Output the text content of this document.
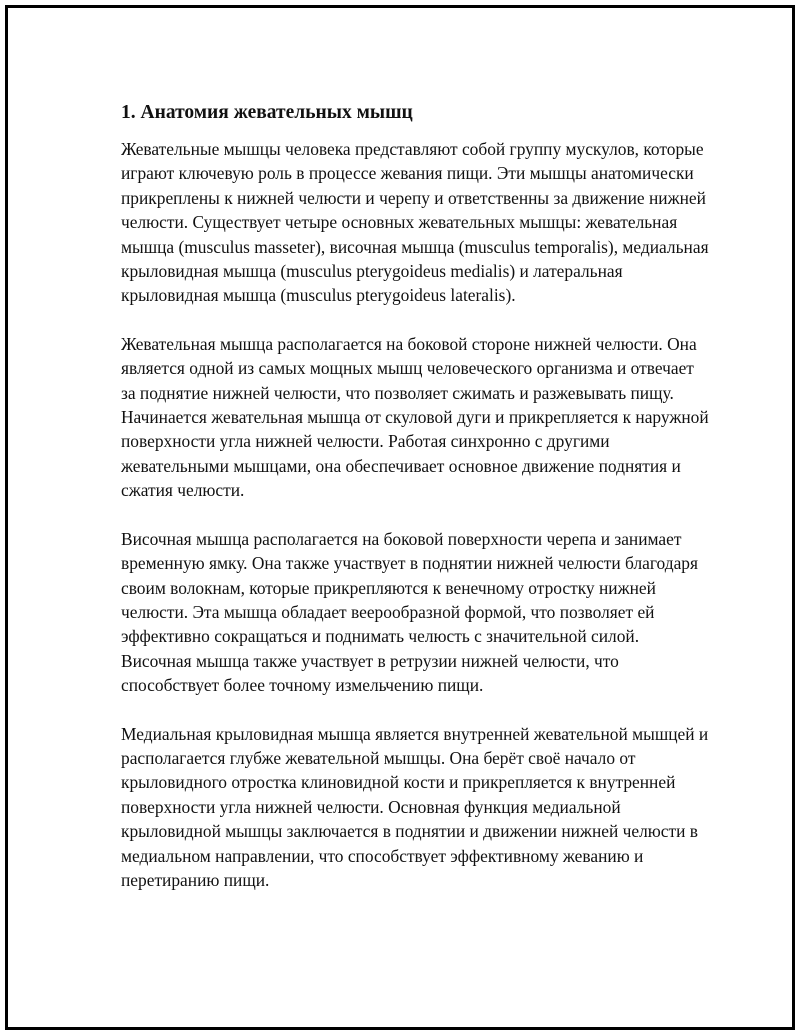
1. Анатомия жевательных мышц

Жевательные мышцы человека представляют собой группу мускулов, которые играют ключевую роль в процессе жевания пищи. Эти мышцы анатомически прикреплены к нижней челюсти и черепу и ответственны за движение нижней челюсти. Существует четыре основных жевательных мышцы: жевательная мышца (musculus masseter), височная мышца (musculus temporalis), медиальная крыловидная мышца (musculus pterygoideus medialis) и латеральная крыловидная мышца (musculus pterygoideus lateralis).

Жевательная мышца располагается на боковой стороне нижней челюсти. Она является одной из самых мощных мышц человеческого организма и отвечает за поднятие нижней челюсти, что позволяет сжимать и разжевывать пищу. Начинается жевательная мышца от скуловой дуги и прикрепляется к наружной поверхности угла нижней челюсти. Работая синхронно с другими жевательными мышцами, она обеспечивает основное движение поднятия и сжатия челюсти.

Височная мышца располагается на боковой поверхности черепа и занимает временную ямку. Она также участвует в поднятии нижней челюсти благодаря своим волокнам, которые прикрепляются к венечному отростку нижней челюсти. Эта мышца обладает веерообразной формой, что позволяет ей эффективно сокращаться и поднимать челюсть с значительной силой. Височная мышца также участвует в ретрузии нижней челюсти, что способствует более точному измельчению пищи.

Медиальная крыловидная мышца является внутренней жевательной мышцей и располагается глубже жевательной мышцы. Она берёт своё начало от крыловидного отростка клиновидной кости и прикрепляется к внутренней поверхности угла нижней челюсти. Основная функция медиальной крыловидной мышцы заключается в поднятии и движении нижней челюсти в медиальном направлении, что способствует эффективному жеванию и перетиранию пищи.
